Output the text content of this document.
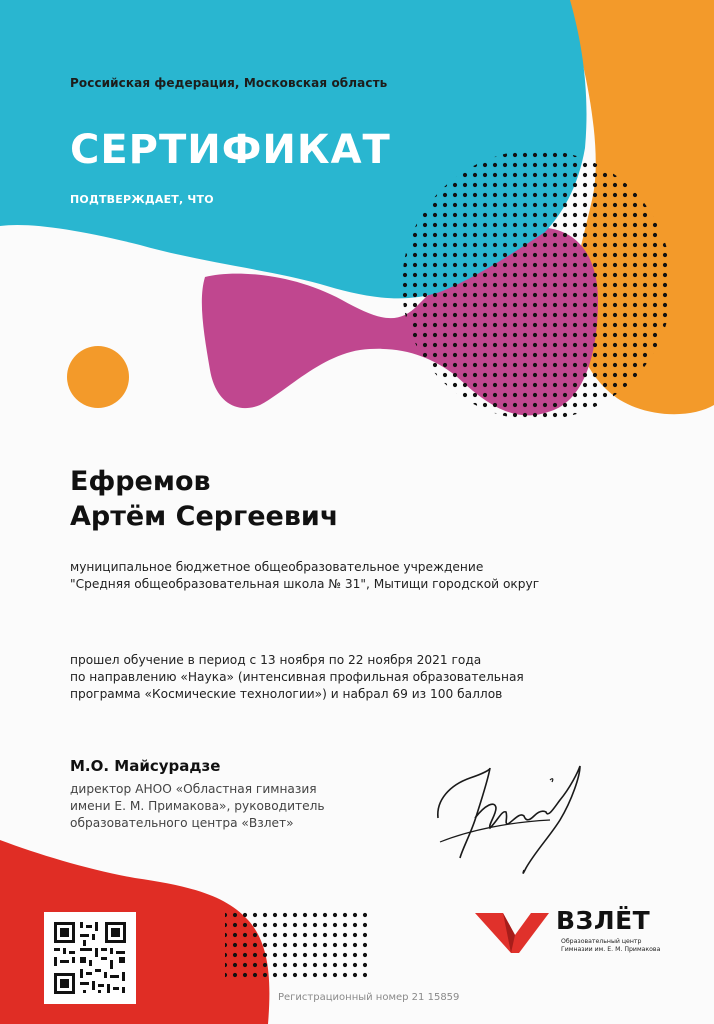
Российская федерация, Московская область
СЕРТИФИКАТ
ПОДТВЕРЖДАЕТ, ЧТО
Ефремов
Артём Сергеевич
муниципальное бюджетное общеобразовательное учреждение
"Средняя общеобразовательная школа № 31", Мытищи городской округ
прошел обучение в период с 13 ноября по 22 ноября 2021 года
по направлению «Наука» (интенсивная профильная образовательная
программа «Космические технологии») и набрал 69 из 100 баллов
М.О. Майсурадзе
директор АНОО «Областная гимназия
имени Е. М. Примакова», руководитель
образовательного центра «Взлет»
Регистрационный номер 21 15859
ВЗЛЁТ
Образовательный центр
Гимназии им. Е. М. Примакова
